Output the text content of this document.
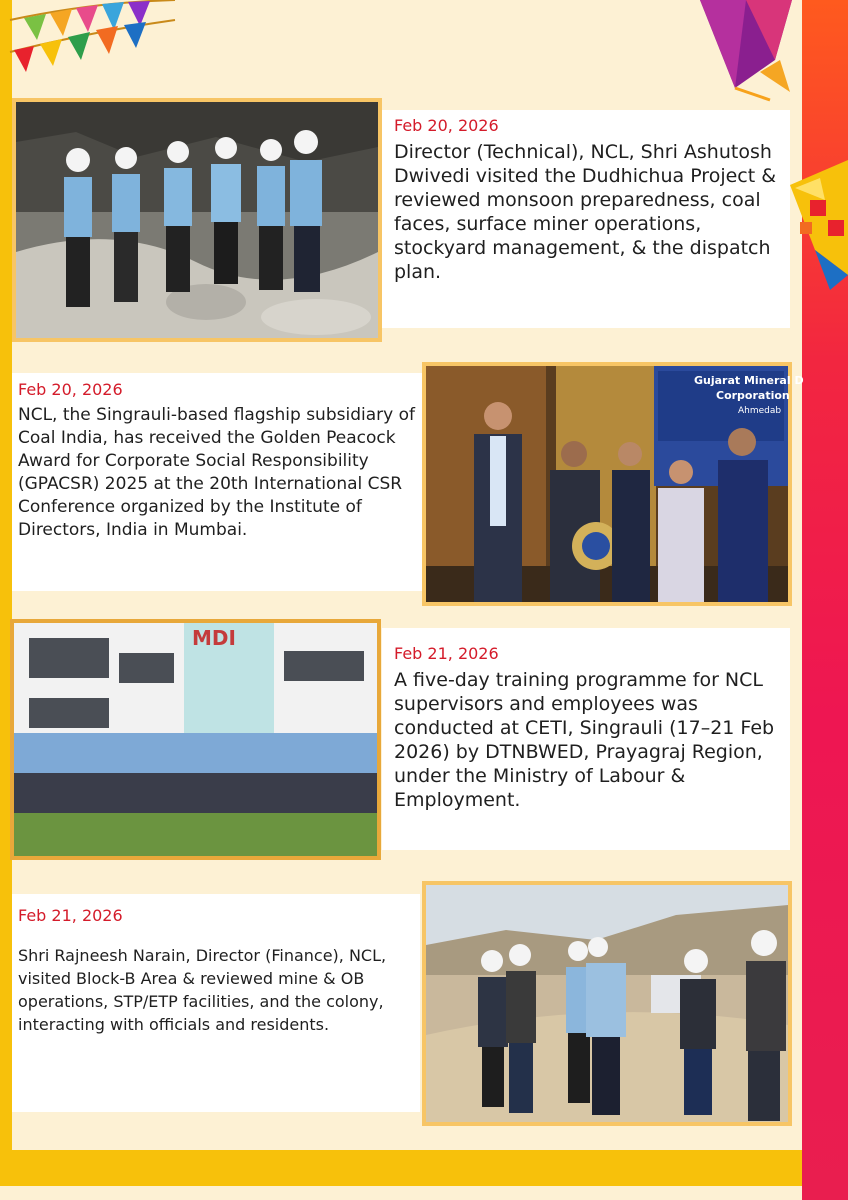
Feb 20, 2026
Director (Technical), NCL, Shri Ashutosh Dwivedi visited the Dudhichua Project & reviewed monsoon preparedness, coal faces, surface miner operations, stockyard management, & the dispatch plan.
Gujarat Mineral D
Corporation
Ahmedab
Feb 20, 2026
NCL, the Singrauli-based flagship subsidiary of Coal India, has received the Golden Peacock Award for Corporate Social Responsibility (GPACSR) 2025 at the 20th International CSR Conference organized by the Institute of Directors, India in Mumbai.
MDI
Feb 21, 2026
A five-day training programme for NCL supervisors and employees was conducted at CETI, Singrauli (17–21 Feb 2026) by DTNBWED, Prayagraj Region, under the Ministry of Labour & Employment.
Feb 21, 2026
Shri Rajneesh Narain, Director (Finance), NCL, visited Block-B Area & reviewed mine & OB operations, STP/ETP facilities, and the colony, interacting with officials and residents.
